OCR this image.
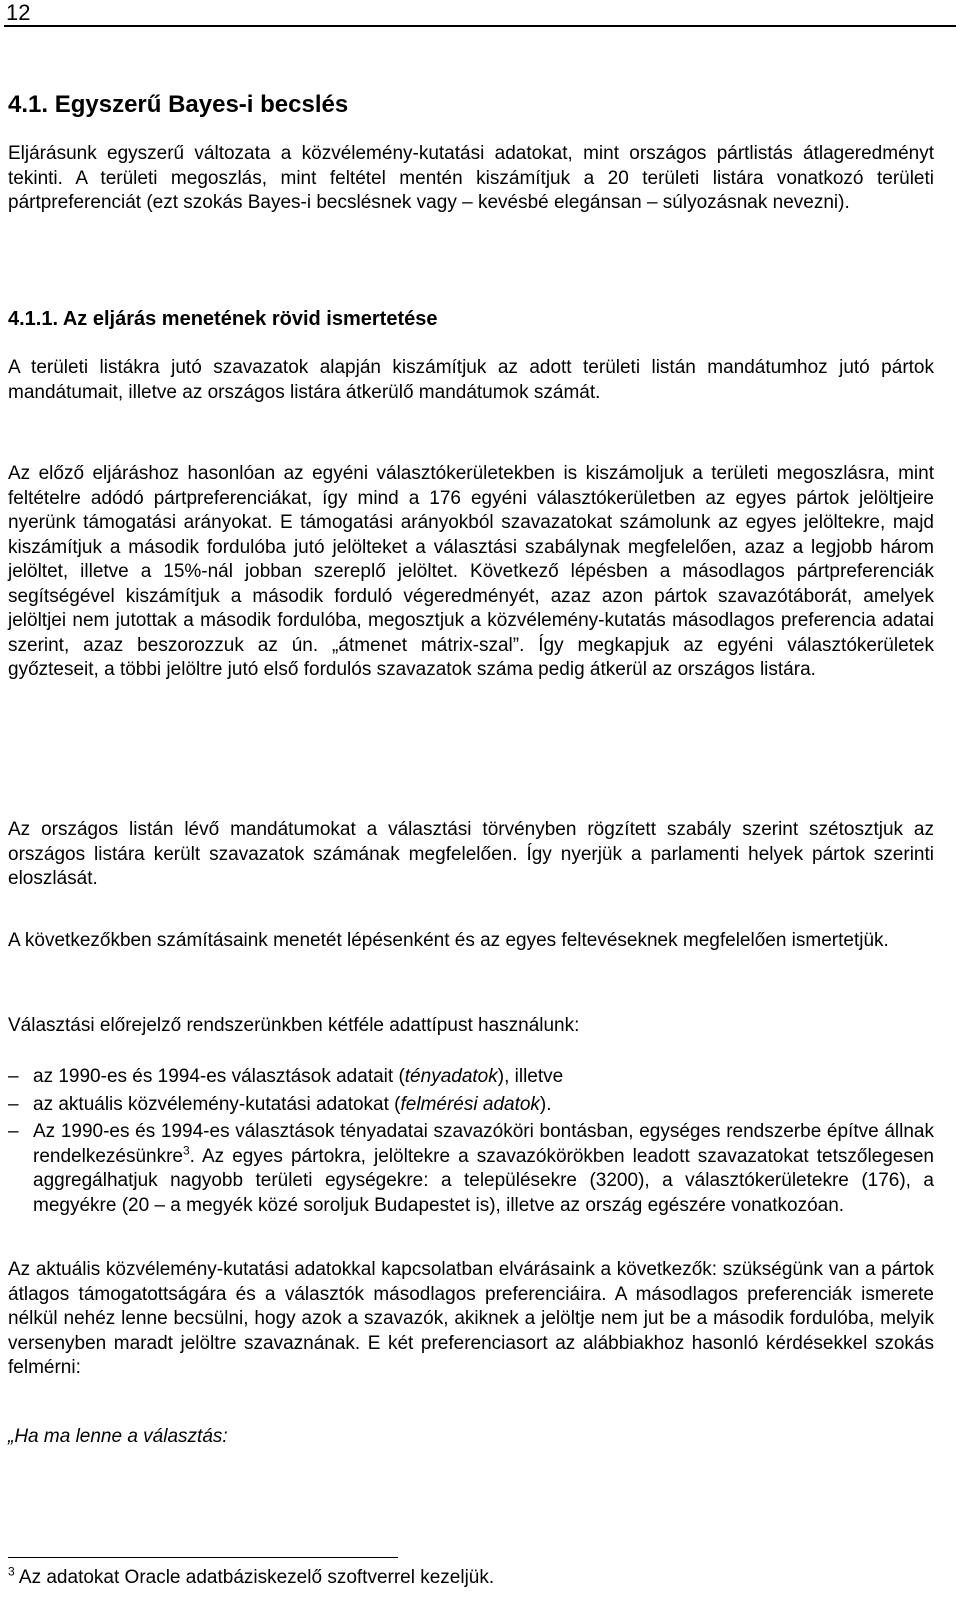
12
4.1. Egyszerű Bayes-i becslés

Eljárásunk egyszerű változata a közvélemény-kutatási adatokat, mint országos pártlistás átlageredményt tekinti. A területi megoszlás, mint feltétel mentén kiszámítjuk a 20 területi listára vonatkozó területi pártpreferenciát (ezt szokás Bayes-i becslésnek vagy – kevésbé elegánsan – súlyozásnak nevezni).

4.1.1. Az eljárás menetének rövid ismertetése

A területi listákra jutó szavazatok alapján kiszámítjuk az adott területi listán mandátumhoz jutó pártok mandátumait, illetve az országos listára átkerülő mandátumok számát.

Az előző eljáráshoz hasonlóan az egyéni választókerületekben is kiszámoljuk a területi megoszlásra, mint feltételre adódó pártpreferenciákat, így mind a 176 egyéni választókerületben az egyes pártok jelöltjeire nyerünk támogatási arányokat. E támogatási arányokból szavazatokat számolunk az egyes jelöltekre, majd kiszámítjuk a második fordulóba jutó jelölteket a választási szabálynak megfelelően, azaz a legjobb három jelöltet, illetve a 15%-nál jobban szereplő jelöltet. Következő lépésben a másodlagos pártpreferenciák segítségével kiszámítjuk a második forduló végeredményét, azaz azon pártok szavazótáborát, amelyek jelöltjei nem jutottak a második fordulóba, megosztjuk a közvélemény-kutatás másodlagos preferencia adatai szerint, azaz beszorozzuk az ún. „átmenet mátrix-szal”. Így megkapjuk az egyéni választókerületek győzteseit, a többi jelöltre jutó első fordulós szavazatok száma pedig átkerül az országos listára.

Az országos listán lévő mandátumokat a választási törvényben rögzített szabály szerint szétosztjuk az országos listára került szavazatok számának megfelelően. Így nyerjük a parlamenti helyek pártok szerinti eloszlását.

A következőkben számításaink menetét lépésenként és az egyes feltevéseknek megfelelően ismertetjük.

Választási előrejelző rendszerünkben kétféle adattípust használunk:

– az 1990-es és 1994-es választások adatait (tényadatok), illetve
– az aktuális közvélemény-kutatási adatokat (felmérési adatok).
– Az 1990-es és 1994-es választások tényadatai szavazóköri bontásban, egységes rendszerbe építve állnak rendelkezésünkre$^3$. Az egyes pártokra, jelöltekre a szavazókörökben leadott szavazatokat tetszőlegesen aggregálhatjuk nagyobb területi egységekre: a településekre (3200), a választókerületekre (176), a megyékre (20 – a megyék közé soroljuk Budapestet is), illetve az ország egészére vonatkozóan.

Az aktuális közvélemény-kutatási adatokkal kapcsolatban elvárásaink a következők: szükségünk van a pártok átlagos támogatottságára és a választók másodlagos preferenciáira. A másodlagos preferenciák ismerete nélkül nehéz lenne becsülni, hogy azok a szavazók, akiknek a jelöltje nem jut be a második fordulóba, melyik versenyben maradt jelöltre szavaznának. E két preferenciasort az alábbiakhoz hasonló kérdésekkel szokás felmérni:

„Ha ma lenne a választás:

$^3$ Az adatokat Oracle adatbáziskezelő szoftverrel kezeljük.
